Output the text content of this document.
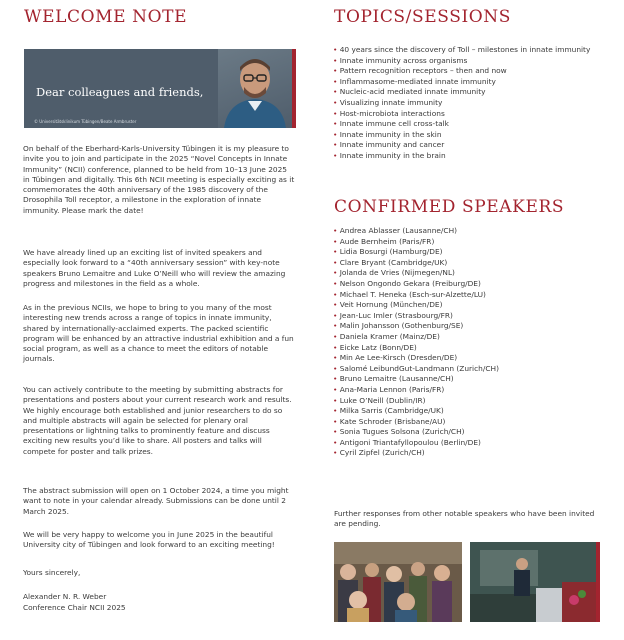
WELCOME NOTE
Dear colleagues and friends,
© Universitätsklinikum Tübingen/Beate Armbruster

On behalf of the Eberhard-Karls-University Tübingen it is my pleasure to invite you to join and participate in the 2025 “Novel Concepts in Innate Immunity” (NCII) conference, planned to be held from 10–13 June 2025 in Tübingen and digitally. This 6th NCII meeting is especially exciting as it commemorates the 40th anniversary of the 1985 discovery of the Drosophila Toll receptor, a milestone in the exploration of innate immunity. Please mark the date!

We have already lined up an exciting list of invited speakers and especially look forward to a “40th anniversary session” with key-note speakers Bruno Lemaitre and Luke O’Neill who will review the amazing progress and milestones in the field as a whole.

As in the previous NCIIs, we hope to bring to you many of the most interesting new trends across a range of topics in innate immunity, shared by internationally-acclaimed experts. The packed scientific program will be enhanced by an attractive industrial exhibition and a fun social program, as well as a chance to meet the editors of notable journals.

You can actively contribute to the meeting by submitting abstracts for presentations and posters about your current research work and results. We highly encourage both established and junior researchers to do so and multiple abstracts will again be selected for plenary oral presentations or lightning talks to prominently feature and discuss exciting new results you’d like to share. All posters and talks will compete for poster and talk prizes.

The abstract submission will open on 1 October 2024, a time you might want to note in your calendar already. Submissions can be done until 2 March 2025.

We will be very happy to welcome you in June 2025 in the beautiful University city of Tübingen and look forward to an exciting meeting!

Yours sincerely,

Alexander N. R. Weber

Conference Chair NCII 2025

TOPICS/SESSIONS
• 40 years since the discovery of Toll – milestones in innate immunity
• Innate immunity across organisms
• Pattern recognition receptors – then and now
• Inflammasome-mediated innate immunity
• Nucleic-acid mediated innate immunity
• Visualizing innate immunity
• Host-microbiota interactions
• Innate immune cell cross-talk
• Innate immunity in the skin
• Innate immunity and cancer
• Innate immunity in the brain
CONFIRMED SPEAKERS
• Andrea Ablasser (Lausanne/CH)
• Aude Bernheim (Paris/FR)
• Lidia Bosurgi (Hamburg/DE)
• Clare Bryant (Cambridge/UK)
• Jolanda de Vries (Nijmegen/NL)
• Nelson Ongondo Gekara (Freiburg/DE)
• Michael T. Heneka (Esch-sur-Alzette/LU)
• Veit Hornung (München/DE)
• Jean-Luc Imler (Strasbourg/FR)
• Malin Johansson (Gothenburg/SE)
• Daniela Kramer (Mainz/DE)
• Eicke Latz (Bonn/DE)
• Min Ae Lee-Kirsch (Dresden/DE)
• Salomé LeibundGut-Landmann (Zurich/CH)
• Bruno Lemaitre (Lausanne/CH)
• Ana-Maria Lennon (Paris/FR)
• Luke O’Neill (Dublin/IR)
• Milka Sarris (Cambridge/UK)
• Kate Schroder (Brisbane/AU)
• Sonia Tugues Solsona (Zurich/CH)
• Antigoni Triantafyllopoulou (Berlin/DE)
• Cyril Zipfel (Zurich/CH)

Further responses from other notable speakers who have been invited are pending.
